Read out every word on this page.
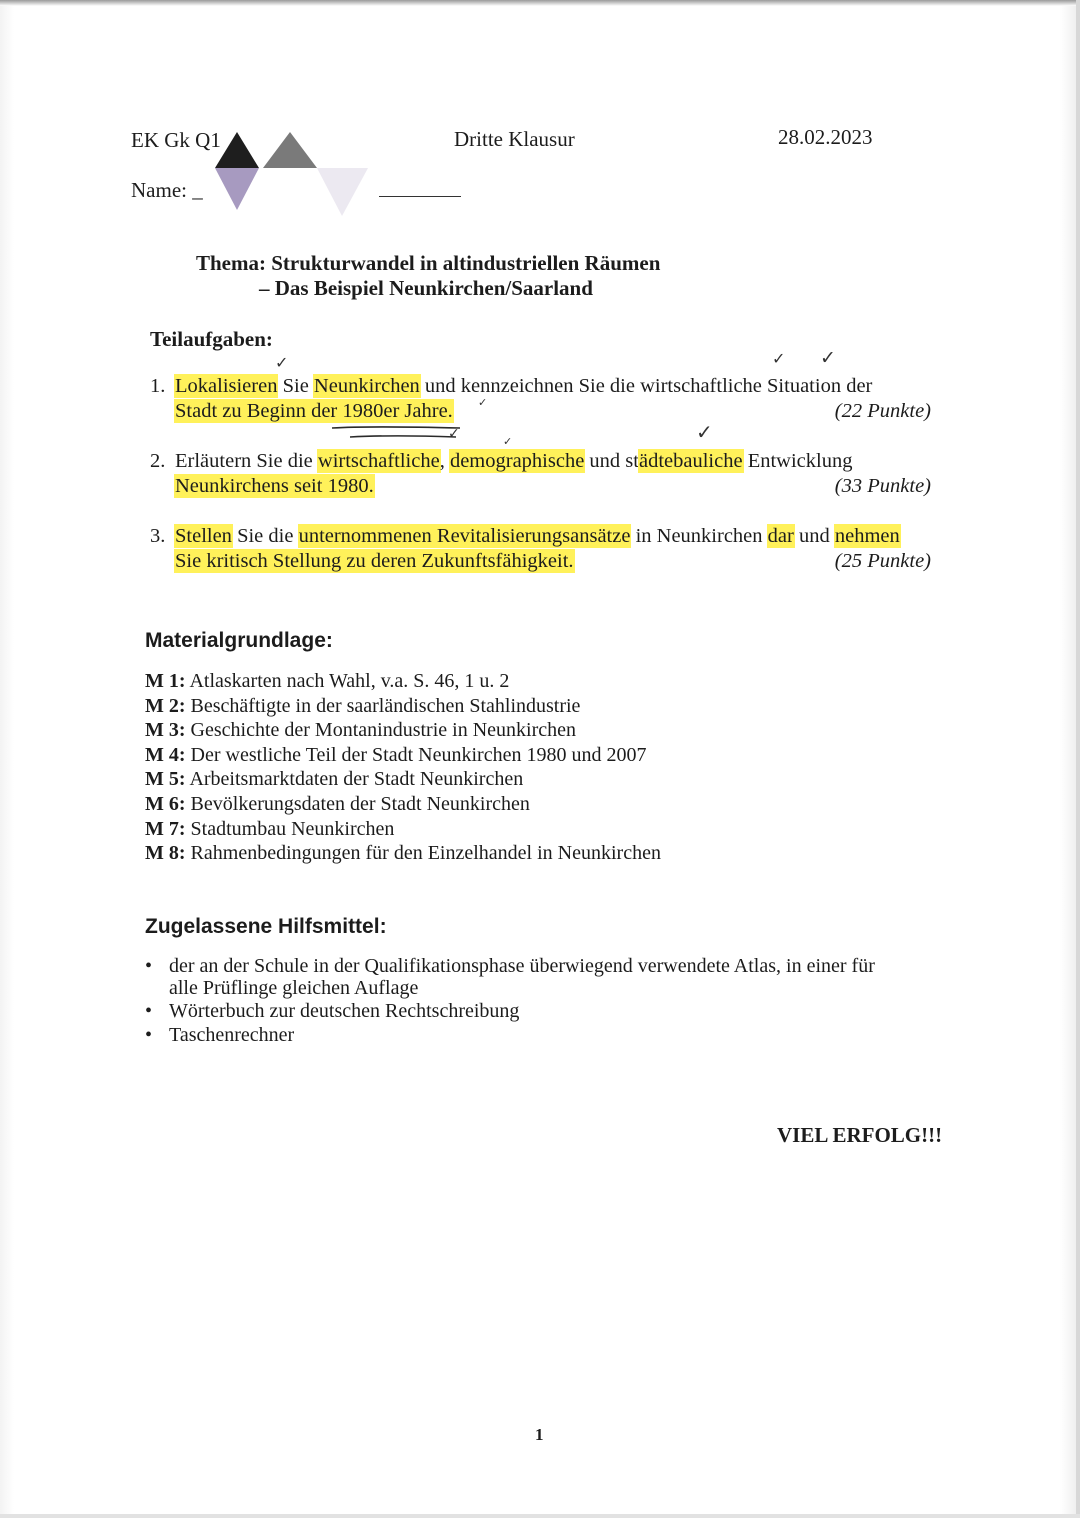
EK Gk Q1	Dritte Klausur	28.02.2023
Name: _
Thema: Strukturwandel in altindustriellen Räumen
– Das Beispiel Neunkirchen/Saarland
Teilaufgaben:
✓	✓ ✓
1. Lokalisieren Sie Neunkirchen und kennzeichnen Sie die wirtschaftliche Situation der
Stadt zu Beginn der 1980er Jahre.	(22 Punkte)
✓
✓	✓	✓
2. Erläutern Sie die wirtschaftliche, demographische und städtebauliche Entwicklung
Neunkirchens seit 1980.	(33 Punkte)
3. Stellen Sie die unternommenen Revitalisierungsansätze in Neunkirchen dar und nehmen
Sie kritisch Stellung zu deren Zukunftsfähigkeit.	(25 Punkte)
Materialgrundlage:
M 1: Atlaskarten nach Wahl, v.a. S. 46, 1 u. 2
M 2: Beschäftigte in der saarländischen Stahlindustrie
M 3: Geschichte der Montanindustrie in Neunkirchen
M 4: Der westliche Teil der Stadt Neunkirchen 1980 und 2007
M 5: Arbeitsmarktdaten der Stadt Neunkirchen
M 6: Bevölkerungsdaten der Stadt Neunkirchen
M 7: Stadtumbau Neunkirchen
M 8: Rahmenbedingungen für den Einzelhandel in Neunkirchen
Zugelassene Hilfsmittel:
• der an der Schule in der Qualifikationsphase überwiegend verwendete Atlas, in einer für
alle Prüflinge gleichen Auflage
• Wörterbuch zur deutschen Rechtschreibung
• Taschenrechner
VIEL ERFOLG!!!
1
